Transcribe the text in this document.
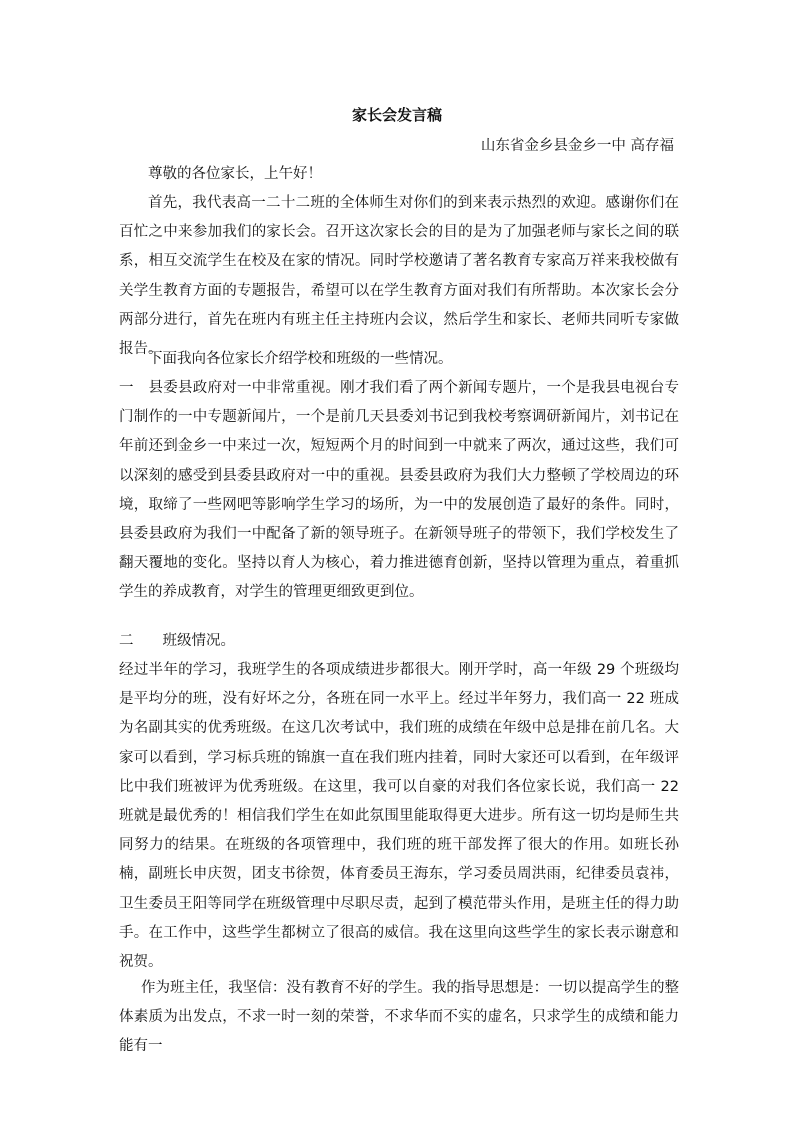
家长会发言稿
山东省金乡县金乡一中 高存福

尊敬的各位家长，上午好！

首先，我代表高一二十二班的全体师生对你们的到来表示热烈的欢迎。感谢你们在百忙之中来参加我们的家长会。召开这次家长会的目的是为了加强老师与家长之间的联系，相互交流学生在校及在家的情况。同时学校邀请了著名教育专家高万祥来我校做有关学生教育方面的专题报告，希望可以在学生教育方面对我们有所帮助。本次家长会分两部分进行，首先在班内有班主任主持班内会议，然后学生和家长、老师共同听专家做报告。

下面我向各位家长介绍学校和班级的一些情况。

一　县委县政府对一中非常重视。刚才我们看了两个新闻专题片，一个是我县电视台专门制作的一中专题新闻片，一个是前几天县委刘书记到我校考察调研新闻片，刘书记在年前还到金乡一中来过一次，短短两个月的时间到一中就来了两次，通过这些，我们可以深刻的感受到县委县政府对一中的重视。县委县政府为我们大力整顿了学校周边的环境，取缔了一些网吧等影响学生学习的场所，为一中的发展创造了最好的条件。同时，县委县政府为我们一中配备了新的领导班子。在新领导班子的带领下，我们学校发生了翻天覆地的变化。坚持以育人为核心，着力推进德育创新，坚持以管理为重点，着重抓学生的养成教育，对学生的管理更细致更到位。

二　　班级情况。

经过半年的学习，我班学生的各项成绩进步都很大。刚开学时，高一年级 29 个班级均是平均分的班，没有好坏之分，各班在同一水平上。经过半年努力，我们高一 22 班成为名副其实的优秀班级。在这几次考试中，我们班的成绩在年级中总是排在前几名。大家可以看到，学习标兵班的锦旗一直在我们班内挂着，同时大家还可以看到，在年级评比中我们班被评为优秀班级。在这里，我可以自豪的对我们各位家长说，我们高一 22 班就是最优秀的！相信我们学生在如此氛围里能取得更大进步。所有这一切均是师生共同努力的结果。在班级的各项管理中，我们班的班干部发挥了很大的作用。如班长孙楠，副班长申庆贺，团支书徐贺，体育委员王海东，学习委员周洪雨，纪律委员袁祎，卫生委员王阳等同学在班级管理中尽职尽责，起到了模范带头作用，是班主任的得力助手。在工作中，这些学生都树立了很高的威信。我在这里向这些学生的家长表示谢意和祝贺。

作为班主任，我坚信：没有教育不好的学生。我的指导思想是：一切以提高学生的整体素质为出发点，不求一时一刻的荣誉，不求华而不实的虚名，只求学生的成绩和能力能有一
